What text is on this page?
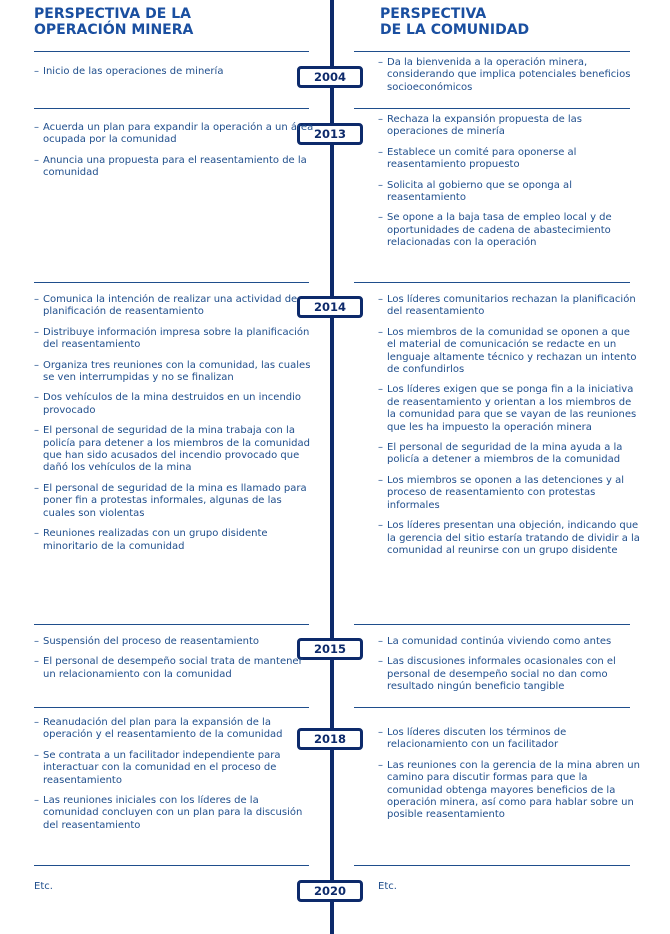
PERSPECTIVA DE LA
OPERACIÓN MINERA
PERSPECTIVA
DE LA COMUNIDAD
2004
– Inicio de las operaciones de minería
– Da la bienvenida a la operación minera, considerando que implica potenciales beneficios socioeconómicos
2013
– Acuerda un plan para expandir la operación a un área ocupada por la comunidad
– Anuncia una propuesta para el reasentamiento de la comunidad
– Rechaza la expansión propuesta de las operaciones de minería
– Establece un comité para oponerse al reasentamiento propuesto
– Solicita al gobierno que se oponga al reasentamiento
– Se opone a la baja tasa de empleo local y de oportunidades de cadena de abastecimiento relacionadas con la operación
2014
– Comunica la intención de realizar una actividad de planificación de reasentamiento
– Distribuye información impresa sobre la planificación del reasentamiento
– Organiza tres reuniones con la comunidad, las cuales se ven interrumpidas y no se finalizan
– Dos vehículos de la mina destruidos en un incendio provocado
– El personal de seguridad de la mina trabaja con la policía para detener a los miembros de la comunidad que han sido acusados del incendio provocado que dañó los vehículos de la mina
– El personal de seguridad de la mina es llamado para poner fin a protestas informales, algunas de las cuales son violentas
– Reuniones realizadas con un grupo disidente minoritario de la comunidad
– Los líderes comunitarios rechazan la planificación del reasentamiento
– Los miembros de la comunidad se oponen a que el material de comunicación se redacte en un lenguaje altamente técnico y rechazan un intento de confundirlos
– Los líderes exigen que se ponga fin a la iniciativa de reasentamiento y orientan a los miembros de la comunidad para que se vayan de las reuniones que les ha impuesto la operación minera
– El personal de seguridad de la mina ayuda a la policía a detener a miembros de la comunidad
– Los miembros se oponen a las detenciones y al proceso de reasentamiento con protestas informales
– Los líderes presentan una objeción, indicando que la gerencia del sitio estaría tratando de dividir a la comunidad al reunirse con un grupo disidente
2015
– Suspensión del proceso de reasentamiento
– El personal de desempeño social trata de mantener un relacionamiento con la comunidad
– La comunidad continúa viviendo como antes
– Las discusiones informales ocasionales con el personal de desempeño social no dan como resultado ningún beneficio tangible
2018
– Reanudación del plan para la expansión de la operación y el reasentamiento de la comunidad
– Se contrata a un facilitador independiente para interactuar con la comunidad en el proceso de reasentamiento
– Las reuniones iniciales con los líderes de la comunidad concluyen con un plan para la discusión del reasentamiento
– Los líderes discuten los términos de relacionamiento con un facilitador
– Las reuniones con la gerencia de la mina abren un camino para discutir formas para que la comunidad obtenga mayores beneficios de la operación minera, así como para hablar sobre un posible reasentamiento
2020

Etc.	Etc.
